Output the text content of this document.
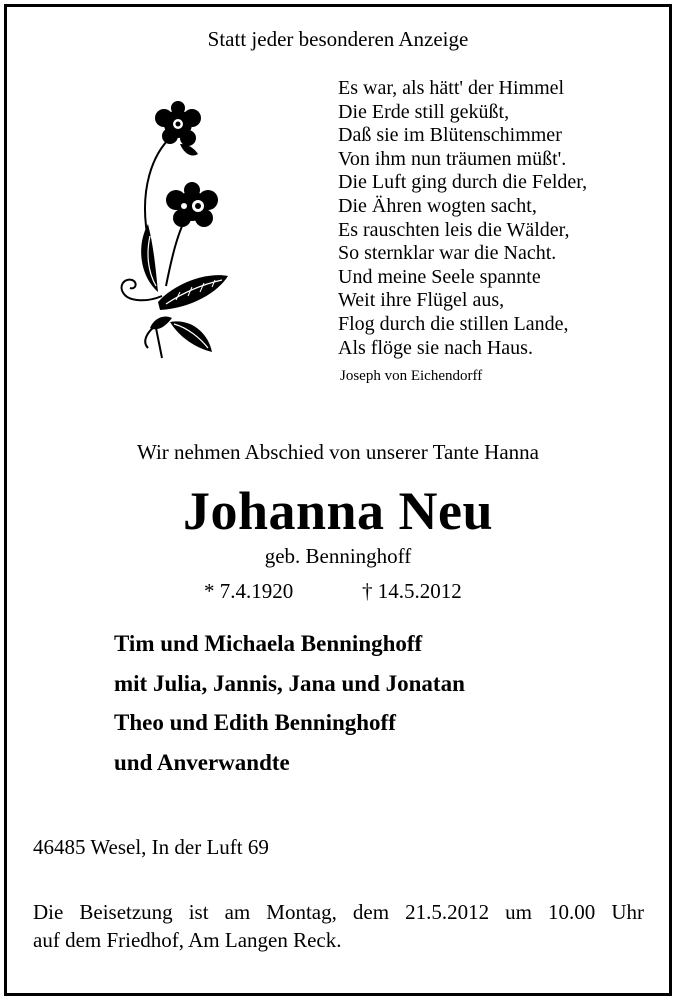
Statt jeder besonderen Anzeige
Es war, als hätt' der Himmel
Die Erde still geküßt,
Daß sie im Blütenschimmer
Von ihm nun träumen müßt'.
Die Luft ging durch die Felder,
Die Ähren wogten sacht,
Es rauschten leis die Wälder,
So sternklar war die Nacht.
Und meine Seele spannte
Weit ihre Flügel aus,
Flog durch die stillen Lande,
Als flöge sie nach Haus.
Joseph von Eichendorff
Wir nehmen Abschied von unserer Tante Hanna
Johanna Neu
geb. Benninghoff
* 7.4.1920	† 14.5.2012
Tim und Michaela Benninghoff
mit Julia, Jannis, Jana und Jonatan
Theo und Edith Benninghoff
und Anverwandte
46485 Wesel, In der Luft 69
Die Beisetzung ist am Montag, dem 21.5.2012 um 10.00 Uhr
auf dem Friedhof, Am Langen Reck.
